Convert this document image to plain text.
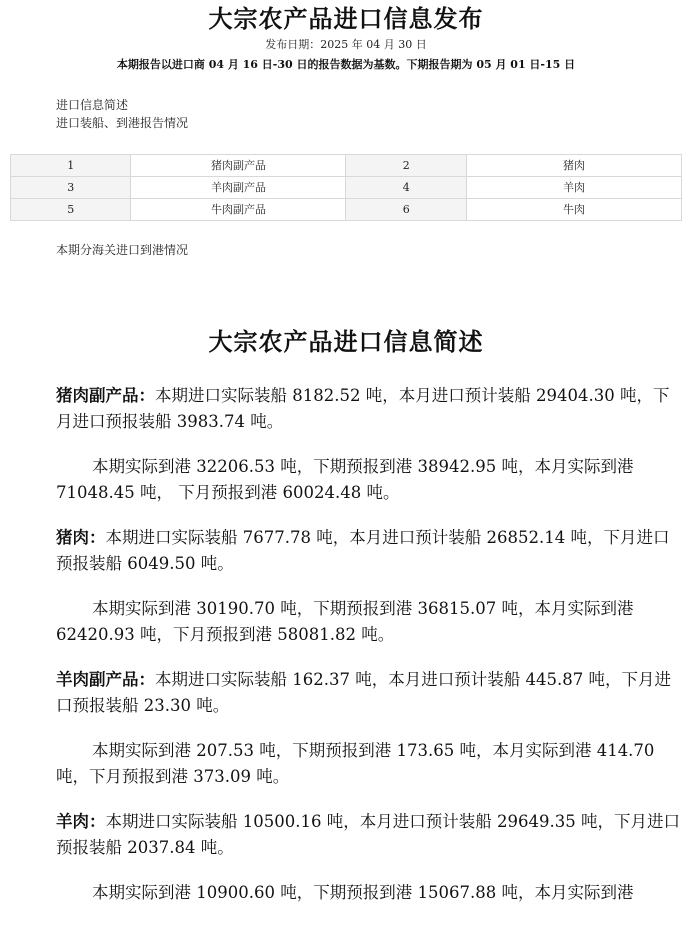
大宗农产品进口信息发布
发布日期：2025 年 04 月 30 日
本期报告以进口商 04 月 16 日-30 日的报告数据为基数。下期报告期为 05 月 01 日-15 日
进口信息简述
进口装船、到港报告情况
1	猪肉副产品	2	猪肉
3	羊肉副产品	4	羊肉
5	牛肉副产品	6	牛肉
本期分海关进口到港情况
大宗农产品进口信息简述

猪肉副产品：本期进口实际装船 8182.52 吨，本月进口预计装船 29404.30 吨，下月进口预报装船 3983.74 吨。

本期实际到港 32206.53 吨，下期预报到港 38942.95 吨，本月实际到港 71048.45 吨， 下月预报到港 60024.48 吨。

猪肉：本期进口实际装船 7677.78 吨，本月进口预计装船 26852.14 吨，下月进口预报装船 6049.50 吨。

本期实际到港 30190.70 吨，下期预报到港 36815.07 吨，本月实际到港 62420.93 吨，下月预报到港 58081.82 吨。

羊肉副产品：本期进口实际装船 162.37 吨，本月进口预计装船 445.87 吨，下月进口预报装船 23.30 吨。

本期实际到港 207.53 吨，下期预报到港 173.65 吨，本月实际到港 414.70 吨，下月预报到港 373.09 吨。

羊肉：本期进口实际装船 10500.16 吨，本月进口预计装船 29649.35 吨，下月进口预报装船 2037.84 吨。

本期实际到港 10900.60 吨，下期预报到港 15067.88 吨，本月实际到港
